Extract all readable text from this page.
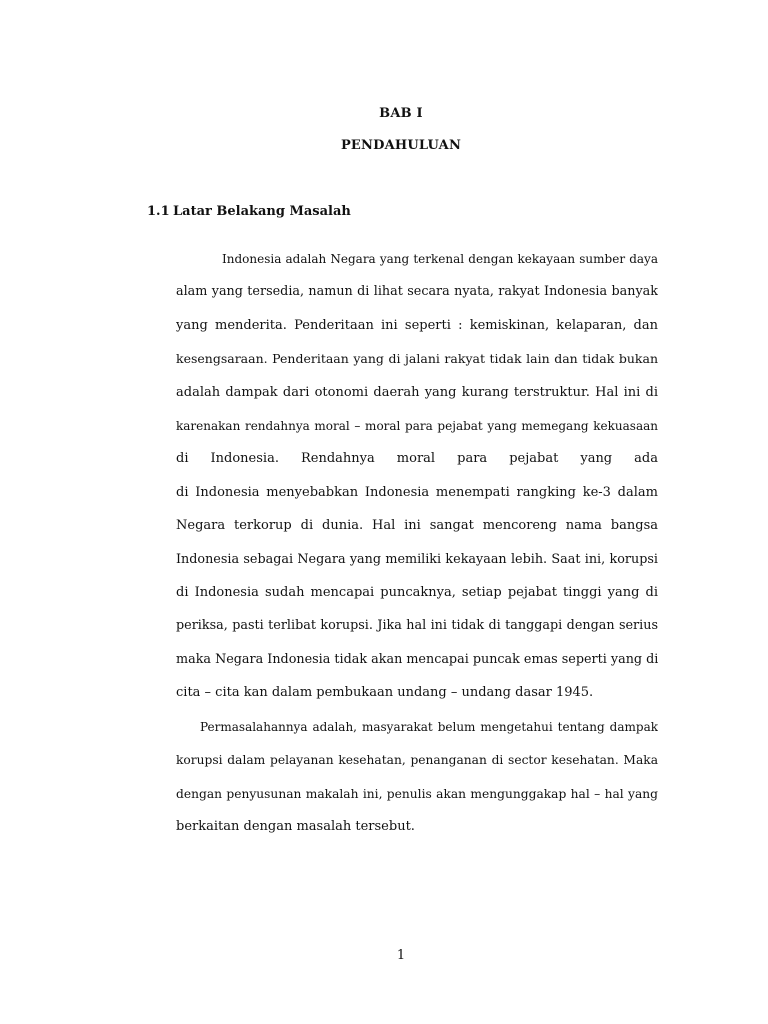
BAB I
PENDAHULUAN
1.1 Latar Belakang Masalah
Indonesia adalah Negara yang terkenal dengan kekayaan sumber daya
alam yang tersedia, namun di lihat secara nyata, rakyat Indonesia banyak
yang menderita. Penderitaan ini seperti : kemiskinan, kelaparan, dan
kesengsaraan. Penderitaan yang di jalani rakyat tidak lain dan tidak bukan
adalah dampak dari otonomi daerah yang kurang terstruktur. Hal ini di
karenakan rendahnya moral – moral para pejabat yang memegang kekuasaan
di Indonesia. Rendahnya moral para pejabat yang ada
di Indonesia menyebabkan Indonesia menempati rangking ke-3 dalam
Negara terkorup di dunia. Hal ini sangat mencoreng nama bangsa
Indonesia sebagai Negara yang memiliki kekayaan lebih. Saat ini, korupsi
di Indonesia sudah mencapai puncaknya, setiap pejabat tinggi yang di
periksa, pasti terlibat korupsi. Jika hal ini tidak di tanggapi dengan serius
maka Negara Indonesia tidak akan mencapai puncak emas seperti yang di
cita – cita kan dalam pembukaan undang – undang dasar 1945.
Permasalahannya adalah, masyarakat belum mengetahui tentang dampak
korupsi dalam pelayanan kesehatan, penanganan di sector kesehatan. Maka
dengan penyusunan makalah ini, penulis akan mengunggakap hal – hal yang
berkaitan dengan masalah tersebut.
1
